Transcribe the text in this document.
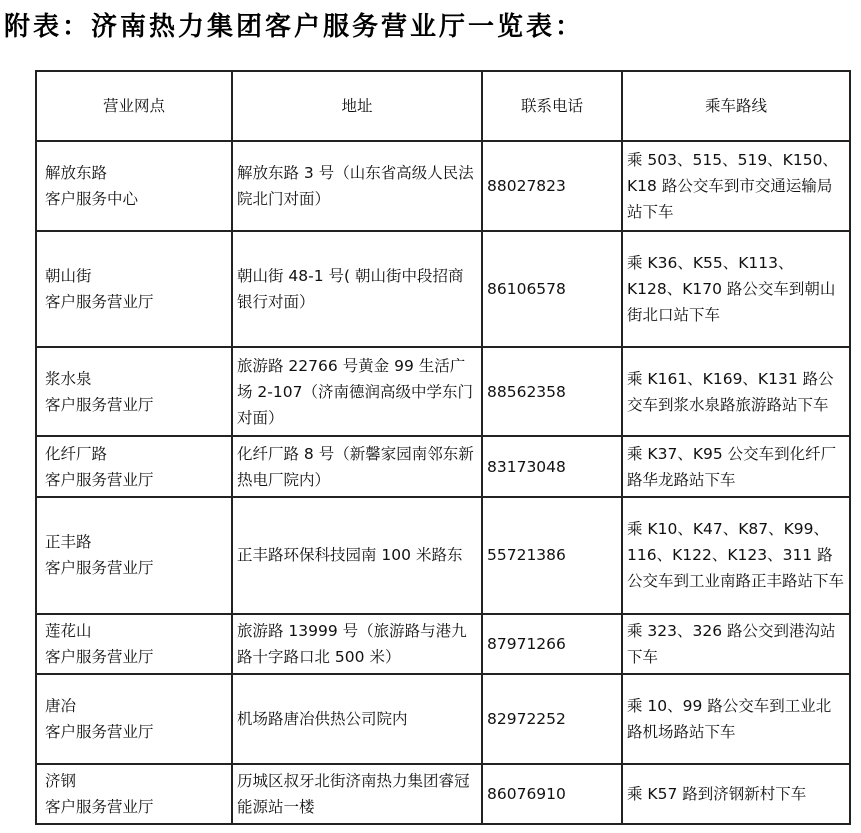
附表：济南热力集团客户服务营业厅一览表：
营业网点	地址	联系电话	乘车路线

解放东路
客户服务中心	解放东路 3 号（山东省高级人民法院北门对面）	88027823	乘 503、515、519、K150、K18 路公交车到市交通运输局站下车

朝山街
客户服务营业厅	朝山街 48-1 号( 朝山街中段招商银行对面）	86106578	乘 K36、K55、K113、K128、K170 路公交车到朝山街北口站下车

浆水泉
客户服务营业厅	旅游路 22766 号黄金 99 生活广场 2-107（济南德润高级中学东门对面）	88562358	乘 K161、K169、K131 路公交车到浆水泉路旅游路站下车

化纤厂路
客户服务营业厅	化纤厂路 8 号（新馨家园南邻东新热电厂院内）	83173048	乘 K37、K95 公交车到化纤厂路华龙路站下车

正丰路
客户服务营业厅	正丰路环保科技园南 100 米路东	55721386	乘 K10、K47、K87、K99、116、K122、K123、311 路公交车到工业南路正丰路站下车

莲花山
客户服务营业厅	旅游路 13999 号（旅游路与港九路十字路口北 500 米）	87971266	乘 323、326 路公交到港沟站下车

唐冶
客户服务营业厅	机场路唐冶供热公司院内	82972252	乘 10、99 路公交车到工业北路机场路站下车

济钢
客户服务营业厅	历城区叔牙北街济南热力集团睿冠能源站一楼	86076910	乘 K57 路到济钢新村下车
